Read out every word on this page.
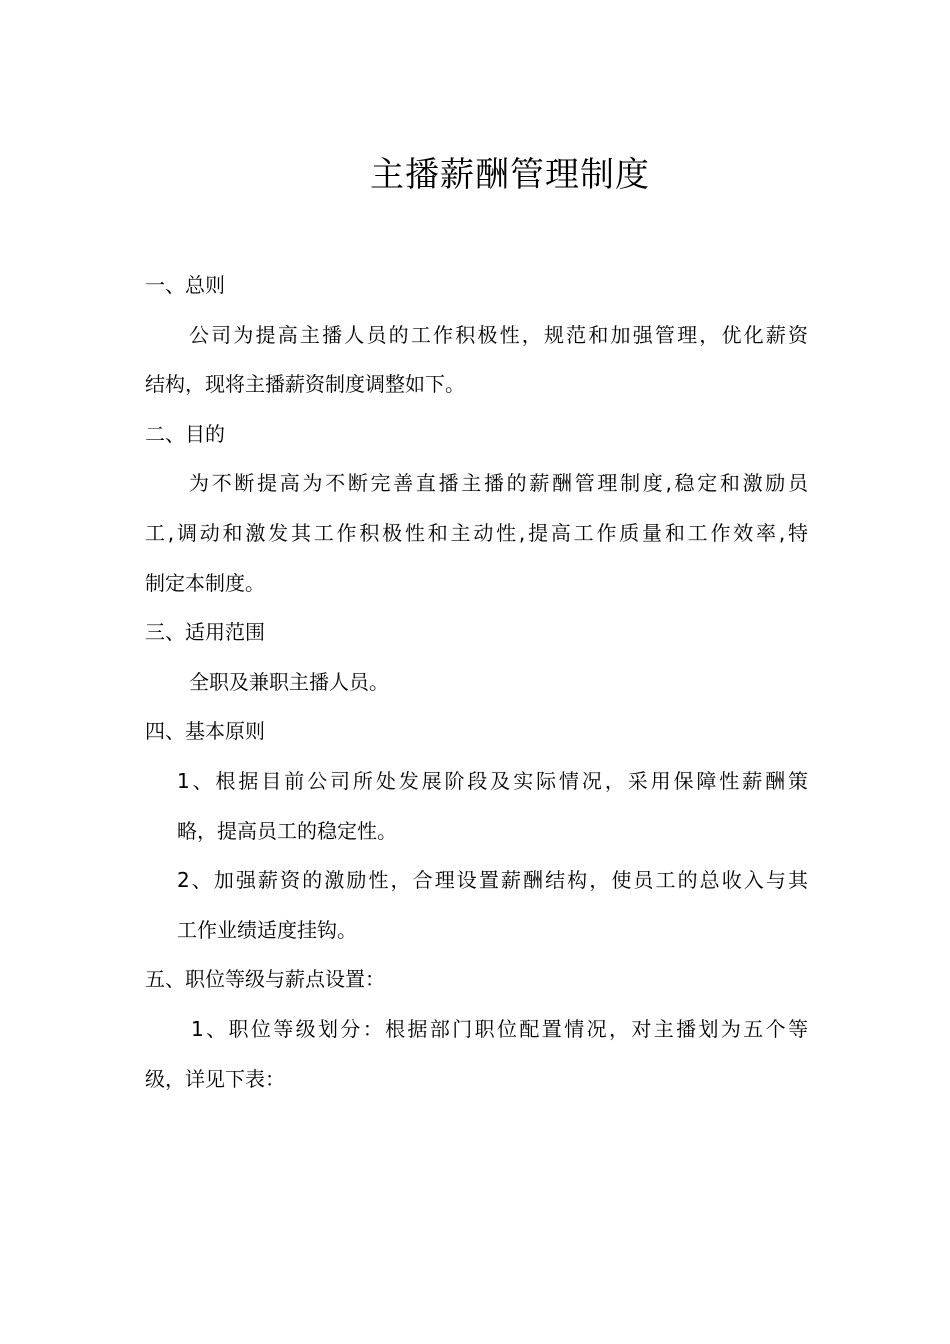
主播薪酬管理制度
一、总则
公司为提高主播人员的工作积极性，规范和加强管理，优化薪资
结构，现将主播薪资制度调整如下。
二、目的
为不断提高为不断完善直播主播的薪酬管理制度,稳定和激励员
工,调动和激发其工作积极性和主动性,提高工作质量和工作效率,特
制定本制度。
三、适用范围
全职及兼职主播人员。
四、基本原则
1、根据目前公司所处发展阶段及实际情况，采用保障性薪酬策
略，提高员工的稳定性。
2、加强薪资的激励性，合理设置薪酬结构，使员工的总收入与其
工作业绩适度挂钩。
五、职位等级与薪点设置：
1、职位等级划分：根据部门职位配置情况，对主播划为五个等
级，详见下表：
